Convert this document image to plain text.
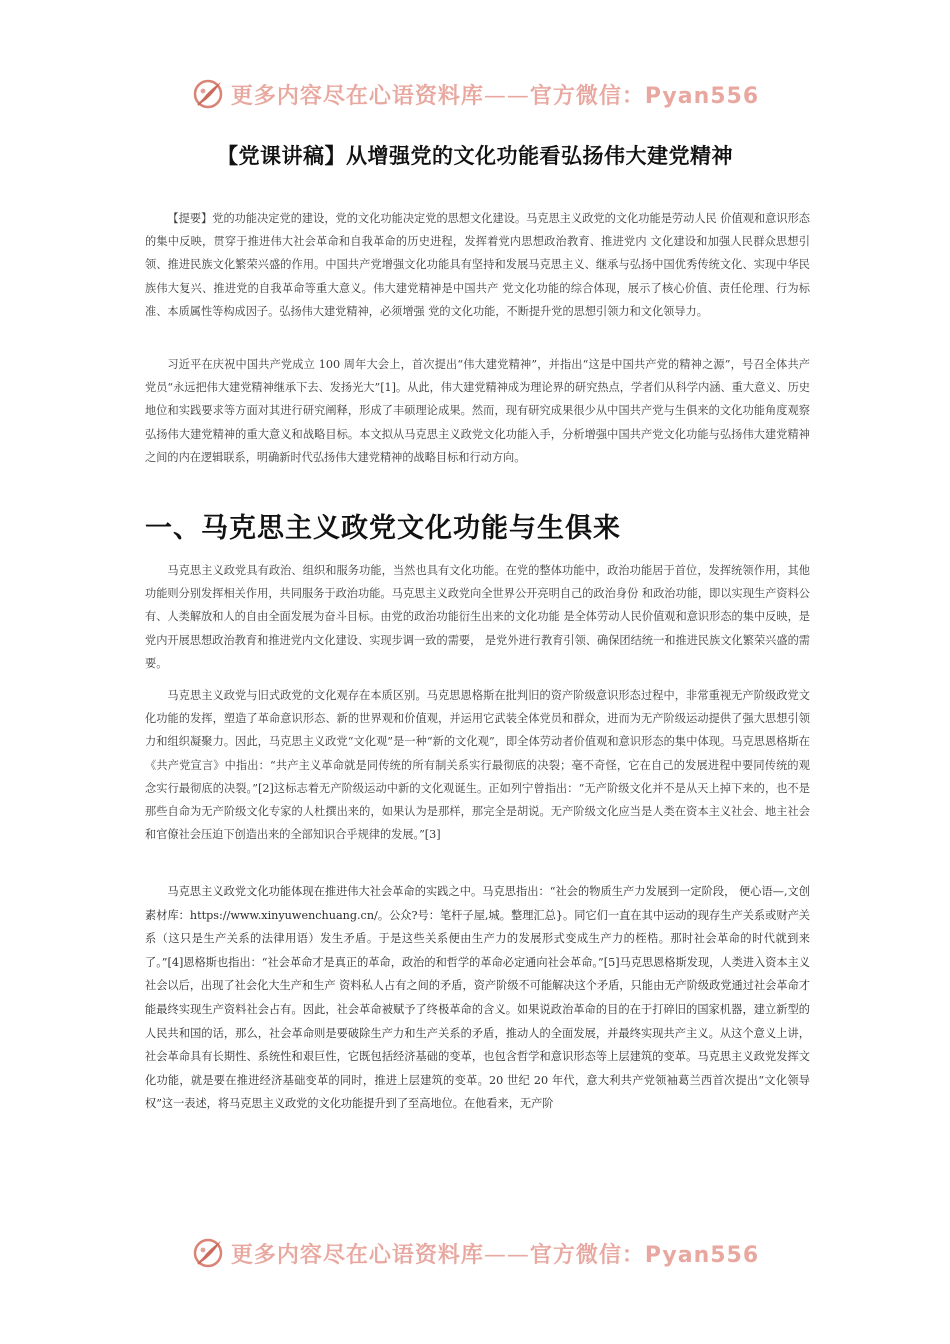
更多内容尽在心语资料库——官方微信：Pyan556
【党课讲稿】从增强党的文化功能看弘扬伟大建党精神

【提要】党的功能决定党的建设，党的文化功能决定党的思想文化建设。马克思主义政党的文化功能是劳动人民 价值观和意识形态的集中反映，贯穿于推进伟大社会革命和自我革命的历史进程，发挥着党内思想政治教育、推进党内 文化建设和加强人民群众思想引领、推进民族文化繁荣兴盛的作用。中国共产党增强文化功能具有坚持和发展马克思主义、继承与弘扬中国优秀传统文化、实现中华民族伟大复兴、推进党的自我革命等重大意义。伟大建党精神是中国共产 党文化功能的综合体现，展示了核心价值、责任伦理、行为标准、本质属性等构成因子。弘扬伟大建党精神，必须增强 党的文化功能，不断提升党的思想引领力和文化领导力。

习近平在庆祝中国共产党成立 100 周年大会上，首次提出“伟大建党精神”，并指出“这是中国共产党的精神之源”，号召全体共产党员“永远把伟大建党精神继承下去、发扬光大”[1]。从此，伟大建党精神成为理论界的研究热点，学者们从科学内涵、重大意义、历史地位和实践要求等方面对其进行研究阐释，形成了丰硕理论成果。然而，现有研究成果很少从中国共产党与生俱来的文化功能角度观察弘扬伟大建党精神的重大意义和战略目标。本文拟从马克思主义政党文化功能入手，分析增强中国共产党文化功能与弘扬伟大建党精神之间的内在逻辑联系，明确新时代弘扬伟大建党精神的战略目标和行动方向。

一、马克思主义政党文化功能与生俱来

马克思主义政党具有政治、组织和服务功能，当然也具有文化功能。在党的整体功能中，政治功能居于首位，发挥统领作用，其他功能则分别发挥相关作用，共同服务于政治功能。马克思主义政党向全世界公开亮明自己的政治身份 和政治功能，即以实现生产资料公有、人类解放和人的自由全面发展为奋斗目标。由党的政治功能衍生出来的文化功能 是全体劳动人民价值观和意识形态的集中反映，是党内开展思想政治教育和推进党内文化建设、实现步调一致的需要， 是党外进行教育引领、确保团结统一和推进民族文化繁荣兴盛的需要。

马克思主义政党与旧式政党的文化观存在本质区别。马克思恩格斯在批判旧的资产阶级意识形态过程中，非常重视无产阶级政党文化功能的发挥，塑造了革命意识形态、新的世界观和价值观，并运用它武装全体党员和群众，进而为无产阶级运动提供了强大思想引领力和组织凝聚力。因此，马克思主义政党“文化观”是一种“新的文化观”，即全体劳动者价值观和意识形态的集中体现。马克思恩格斯在《共产党宣言》中指出：“共产主义革命就是同传统的所有制关系实行最彻底的决裂；毫不奇怪，它在自己的发展进程中要同传统的观念实行最彻底的决裂。”[2]这标志着无产阶级运动中新的文化观诞生。正如列宁曾指出：“无产阶级文化并不是从天上掉下来的，也不是那些自命为无产阶级文化专家的人杜撰出来的，如果认为是那样，那完全是胡说。无产阶级文化应当是人类在资本主义社会、地主社会和官僚社会压迫下创造出来的全部知识合乎规律的发展。”[3]

马克思主义政党文化功能体现在推进伟大社会革命的实践之中。马克思指出：“社会的物质生产力发展到一定阶段， 便心语—,文创素材库：https://www.xinyuwenchuang.cn/。公众?号：笔杆子屋,城。整理汇总}。同它们一直在其中运动的现存生产关系或财产关系（这只是生产关系的法律用语）发生矛盾。于是这些关系便由生产力的发展形式变成生产力的桎梏。那时社会革命的时代就到来了。”[4]恩格斯也指出：“社会革命才是真正的革命，政治的和哲学的革命必定通向社会革命。”[5]马克思恩格斯发现，人类进入资本主义社会以后，出现了社会化大生产和生产 资料私人占有之间的矛盾，资产阶级不可能解决这个矛盾，只能由无产阶级政党通过社会革命才能最终实现生产资料社会占有。因此，社会革命被赋予了终极革命的含义。如果说政治革命的目的在于打碎旧的国家机器，建立新型的人民共和国的话，那么，社会革命则是要破除生产力和生产关系的矛盾，推动人的全面发展，并最终实现共产主义。从这个意义上讲，社会革命具有长期性、系统性和艰巨性，它既包括经济基础的变革，也包含哲学和意识形态等上层建筑的变革。马克思主义政党发挥文化功能，就是要在推进经济基础变革的同时，推进上层建筑的变革。20 世纪 20 年代，意大利共产党领袖葛兰西首次提出“文化领导权”这一表述，将马克思主义政党的文化功能提升到了至高地位。在他看来，无产阶

更多内容尽在心语资料库——官方微信：Pyan556
